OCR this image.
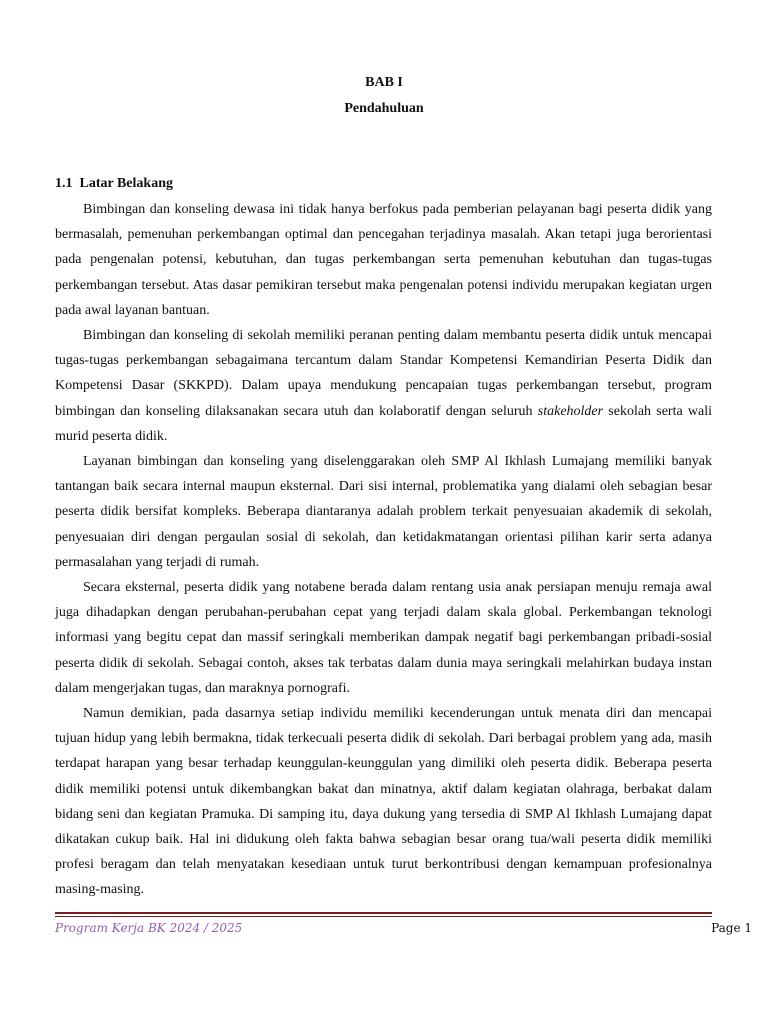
BAB I
Pendahuluan
1.1 Latar Belakang

Bimbingan dan konseling dewasa ini tidak hanya berfokus pada pemberian pelayanan bagi peserta didik yang bermasalah, pemenuhan perkembangan optimal dan pencegahan terjadinya masalah. Akan tetapi juga berorientasi pada pengenalan potensi, kebutuhan, dan tugas perkembangan serta pemenuhan kebutuhan dan tugas-tugas perkembangan tersebut. Atas dasar pemikiran tersebut maka pengenalan potensi individu merupakan kegiatan urgen pada awal layanan bantuan.

Bimbingan dan konseling di sekolah memiliki peranan penting dalam membantu peserta didik untuk mencapai tugas-tugas perkembangan sebagaimana tercantum dalam Standar Kompetensi Kemandirian Peserta Didik dan Kompetensi Dasar (SKKPD). Dalam upaya mendukung pencapaian tugas perkembangan tersebut, program bimbingan dan konseling dilaksanakan secara utuh dan kolaboratif dengan seluruh stakeholder sekolah serta wali murid peserta didik.

Layanan bimbingan dan konseling yang diselenggarakan oleh SMP Al Ikhlash Lumajang memiliki banyak tantangan baik secara internal maupun eksternal. Dari sisi internal, problematika yang dialami oleh sebagian besar peserta didik bersifat kompleks. Beberapa diantaranya adalah problem terkait penyesuaian akademik di sekolah, penyesuaian diri dengan pergaulan sosial di sekolah, dan ketidakmatangan orientasi pilihan karir serta adanya permasalahan yang terjadi di rumah.

Secara eksternal, peserta didik yang notabene berada dalam rentang usia anak persiapan menuju remaja awal juga dihadapkan dengan perubahan-perubahan cepat yang terjadi dalam skala global. Perkembangan teknologi informasi yang begitu cepat dan massif seringkali memberikan dampak negatif bagi perkembangan pribadi-sosial peserta didik di sekolah. Sebagai contoh, akses tak terbatas dalam dunia maya seringkali melahirkan budaya instan dalam mengerjakan tugas, dan maraknya pornografi.

Namun demikian, pada dasarnya setiap individu memiliki kecenderungan untuk menata diri dan mencapai tujuan hidup yang lebih bermakna, tidak terkecuali peserta didik di sekolah. Dari berbagai problem yang ada, masih terdapat harapan yang besar terhadap keunggulan-keunggulan yang dimiliki oleh peserta didik. Beberapa peserta didik memiliki potensi untuk dikembangkan bakat dan minatnya, aktif dalam kegiatan olahraga, berbakat dalam bidang seni dan kegiatan Pramuka. Di samping itu, daya dukung yang tersedia di SMP Al Ikhlash Lumajang dapat dikatakan cukup baik. Hal ini didukung oleh fakta bahwa sebagian besar orang tua/wali peserta didik memiliki profesi beragam dan telah menyatakan kesediaan untuk turut berkontribusi dengan kemampuan profesionalnya masing-masing.

Program Kerja BK 2024 / 2025	Page 1
